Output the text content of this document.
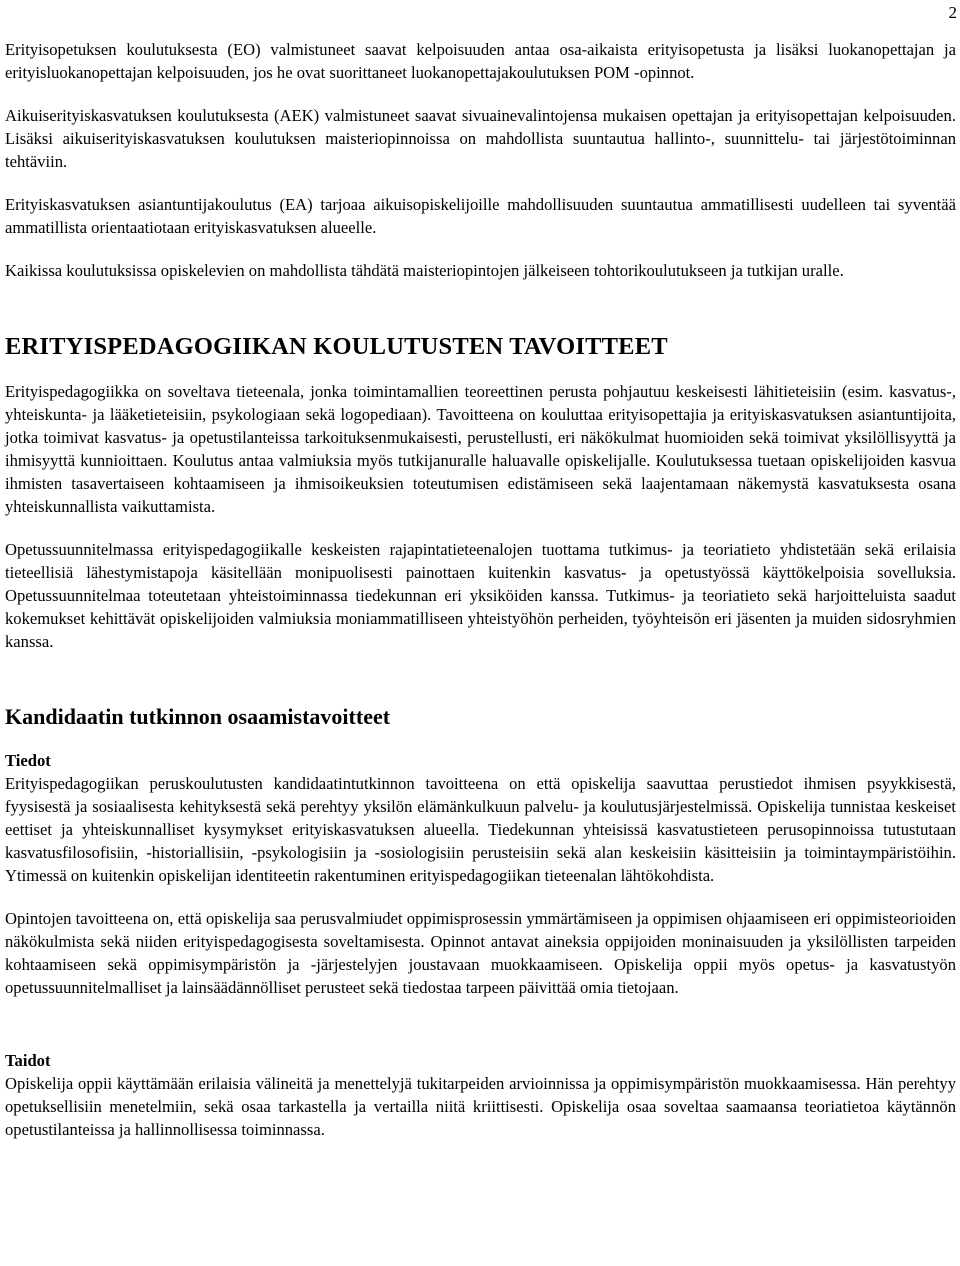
2

Erityisopetuksen koulutuksesta (EO) valmistuneet saavat kelpoisuuden antaa osa-aikaista erityisopetusta ja lisäksi luokanopettajan ja erityisluokanopettajan kelpoisuuden, jos he ovat suorittaneet luokanopettajakoulutuksen POM -opinnot.

Aikuiserityiskasvatuksen koulutuksesta (AEK) valmistuneet saavat sivuainevalintojensa mukaisen opettajan ja erityisopettajan kelpoisuuden. Lisäksi aikuiserityiskasvatuksen koulutuksen maisteriopinnoissa on mahdollista suuntautua hallinto-, suunnittelu- tai järjestötoiminnan tehtäviin.

Erityiskasvatuksen asiantuntijakoulutus (EA) tarjoaa aikuisopiskelijoille mahdollisuuden suuntautua ammatillisesti uudelleen tai syventää ammatillista orientaatiotaan erityiskasvatuksen alueelle.

Kaikissa koulutuksissa opiskelevien on mahdollista tähdätä maisteriopintojen jälkeiseen tohtorikoulutukseen ja tutkijan uralle.

ERITYISPEDAGOGIIKAN KOULUTUSTEN TAVOITTEET

Erityispedagogiikka on soveltava tieteenala, jonka toimintamallien teoreettinen perusta pohjautuu keskeisesti lähitieteisiin (esim. kasvatus-, yhteiskunta- ja lääketieteisiin, psykologiaan sekä logopediaan). Tavoitteena on kouluttaa erityisopettajia ja erityiskasvatuksen asiantuntijoita, jotka toimivat kasvatus- ja opetustilanteissa tarkoituksenmukaisesti, perustellusti, eri näkökulmat huomioiden sekä toimivat yksilöllisyyttä ja ihmisyyttä kunnioittaen. Koulutus antaa valmiuksia myös tutkijanuralle haluavalle opiskelijalle. Koulutuksessa tuetaan opiskelijoiden kasvua ihmisten tasavertaiseen kohtaamiseen ja ihmisoikeuksien toteutumisen edistämiseen sekä laajentamaan näkemystä kasvatuksesta osana yhteiskunnallista vaikuttamista.

Opetussuunnitelmassa erityispedagogiikalle keskeisten rajapintatieteenalojen tuottama tutkimus- ja teoriatieto yhdistetään sekä erilaisia tieteellisiä lähestymistapoja käsitellään monipuolisesti painottaen kuitenkin kasvatus- ja opetustyössä käyttökelpoisia sovelluksia. Opetussuunnitelmaa toteutetaan yhteistoiminnassa tiedekunnan eri yksiköiden kanssa. Tutkimus- ja teoriatieto sekä harjoitteluista saadut kokemukset kehittävät opiskelijoiden valmiuksia moniammatilliseen yhteistyöhön perheiden, työyhteisön eri jäsenten ja muiden sidosryhmien kanssa.

Kandidaatin tutkinnon osaamistavoitteet
Tiedot

Erityispedagogiikan peruskoulutusten kandidaatintutkinnon tavoitteena on että opiskelija saavuttaa perustiedot ihmisen psyykkisestä, fyysisestä ja sosiaalisesta kehityksestä sekä perehtyy yksilön elämänkulkuun palvelu- ja koulutusjärjestelmissä. Opiskelija tunnistaa keskeiset eettiset ja yhteiskunnalliset kysymykset erityiskasvatuksen alueella. Tiedekunnan yhteisissä kasvatustieteen perusopinnoissa tutustutaan kasvatusfilosofisiin, -historiallisiin, -psykologisiin ja -sosiologisiin perusteisiin sekä alan keskeisiin käsitteisiin ja toimintaympäristöihin. Ytimessä on kuitenkin opiskelijan identiteetin rakentuminen erityispedagogiikan tieteenalan lähtökohdista.

Opintojen tavoitteena on, että opiskelija saa perusvalmiudet oppimisprosessin ymmärtämiseen ja oppimisen ohjaamiseen eri oppimisteorioiden näkökulmista sekä niiden erityispedagogisesta soveltamisesta. Opinnot antavat aineksia oppijoiden moninaisuuden ja yksilöllisten tarpeiden kohtaamiseen sekä oppimisympäristön ja -järjestelyjen joustavaan muokkaamiseen. Opiskelija oppii myös opetus- ja kasvatustyön opetussuunnitelmalliset ja lainsäädännölliset perusteet sekä tiedostaa tarpeen päivittää omia tietojaan.

Taidot

Opiskelija oppii käyttämään erilaisia välineitä ja menettelyjä tukitarpeiden arvioinnissa ja oppimisympäristön muokkaamisessa. Hän perehtyy opetuksellisiin menetelmiin, sekä osaa tarkastella ja vertailla niitä kriittisesti. Opiskelija osaa soveltaa saamaansa teoriatietoa käytännön opetustilanteissa ja hallinnollisessa toiminnassa.
